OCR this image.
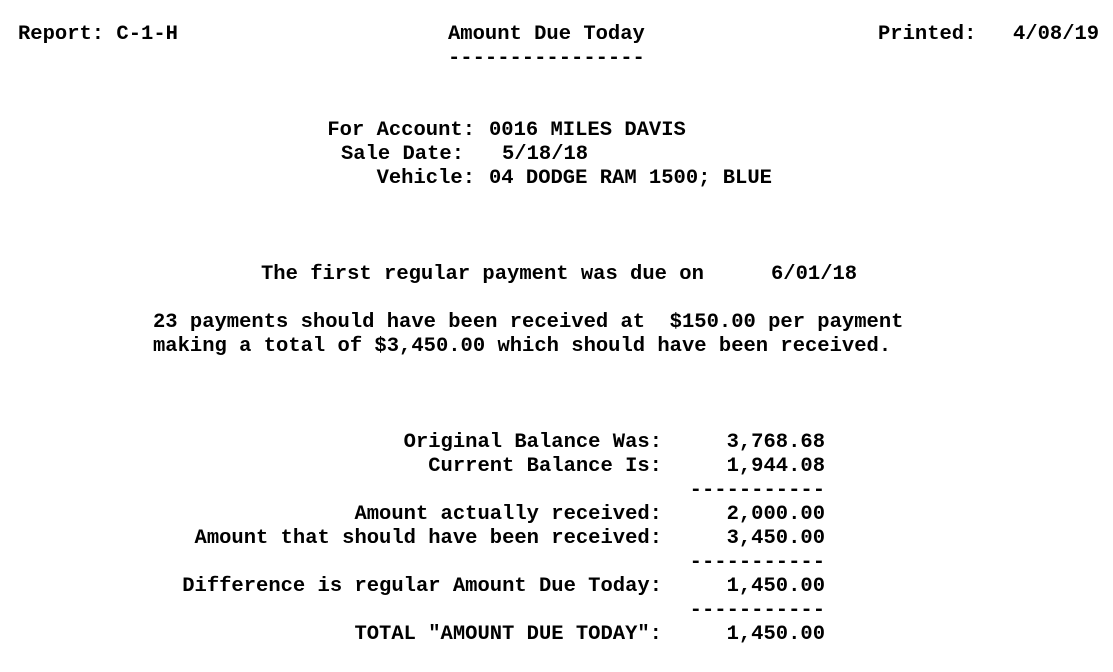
Report: C-1-H	Amount Due Today
----------------
Printed: 4/08/19
For Account: 0016 MILES DAVIS
Sale Date: 5/18/18
Vehicle: 04 DODGE RAM 1500; BLUE
The first regular payment was due on	6/01/18
23 payments should have been received at  $150.00 per payment
making a total of $3,450.00 which should have been received.
Original Balance Was:	3,768.68
Current Balance Is:	1,944.08
-----------
Amount actually received:	2,000.00
Amount that should have been received:	3,450.00
-----------
Difference is regular Amount Due Today:	1,450.00
-----------
TOTAL "AMOUNT DUE TODAY":	1,450.00
